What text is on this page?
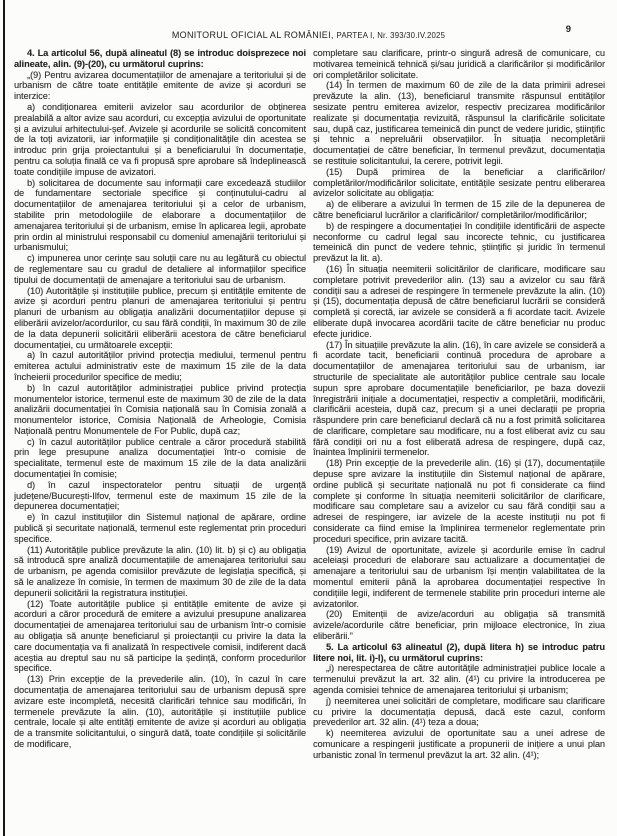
MONITORUL OFICIAL AL ROMÂNIEI, PARTEA I, Nr. 393/30.IV.2025
9

4. La articolul 56, după alineatul (8) se introduc doisprezece noi alineate, alin. (9)-(20), cu următorul cuprins:

„(9) Pentru avizarea documentațiilor de amenajare a teritoriului și de urbanism de către toate entitățile emitente de avize și acorduri se interzice:

a) condiționarea emiterii avizelor sau acordurilor de obținerea prealabilă a altor avize sau acorduri, cu excepția avizului de oportunitate și a avizului arhitectului-șef. Avizele și acordurile se solicită concomitent de la toți avizatorii, iar informațiile și condiționalitățile din acestea se introduc prin grija proiectantului și a beneficiarului în documentație, pentru ca soluția finală ce va fi propusă spre aprobare să îndeplinească toate condițiile impuse de avizatori.

b) solicitarea de documente sau informații care excedează studiilor de fundamentare sectoriale specifice și conținutului-cadru al documentațiilor de amenajarea teritoriului și a celor de urbanism, stabilite prin metodologiile de elaborare a documentațiilor de amenajarea teritoriului și de urbanism, emise în aplicarea legii, aprobate prin ordin al ministrului responsabil cu domeniul amenajării teritoriului și urbanismului;

c) impunerea unor cerințe sau soluții care nu au legătură cu obiectul de reglementare sau cu gradul de detaliere al informațiilor specifice tipului de documentații de amenajare a teritoriului sau de urbanism.

(10) Autoritățile și instituțiile publice, precum și entitățile emitente de avize și acorduri pentru planuri de amenajarea teritoriului și pentru planuri de urbanism au obligația analizării documentațiilor depuse și eliberării avizelor/acordurilor, cu sau fără condiții, în maximum 30 de zile de la data depunerii solicitării eliberării acestora de către beneficiarul documentației, cu următoarele excepții:

a) în cazul autorităților privind protecția mediului, termenul pentru emiterea actului administrativ este de maximum 15 zile de la data încheierii procedurilor specifice de mediu;

b) în cazul autorităților administrației publice privind protecția monumentelor istorice, termenul este de maximum 30 de zile de la data analizării documentației în Comisia națională sau în Comisia zonală a monumentelor istorice, Comisia Națională de Arheologie, Comisia Națională pentru Monumentele de For Public, după caz;

c) în cazul autorităților publice centrale a căror procedură stabilită prin lege presupune analiza documentației într-o comisie de specialitate, termenul este de maximum 15 zile de la data analizării documentației în comisie;

d) în cazul inspectoratelor pentru situații de urgență județene/București-Ilfov, termenul este de maximum 15 zile de la depunerea documentației;

e) în cazul instituțiilor din Sistemul național de apărare, ordine publică și securitate națională, termenul este reglementat prin proceduri specifice.

(11) Autoritățile publice prevăzute la alin. (10) lit. b) și c) au obligația să introducă spre analiză documentațiile de amenajarea teritoriului sau de urbanism, pe agenda comisiilor prevăzute de legislația specifică, și să le analizeze în comisie, în termen de maximum 30 de zile de la data depunerii solicitării la registratura instituției.

(12) Toate autoritățile publice și entitățile emitente de avize și acorduri a căror procedură de emitere a avizului presupune analizarea documentației de amenajarea teritoriului sau de urbanism într-o comisie au obligația să anunțe beneficiarul și proiectanții cu privire la data la care documentația va fi analizată în respectivele comisii, indiferent dacă aceștia au dreptul sau nu să participe la ședință, conform procedurilor specifice.

(13) Prin excepție de la prevederile alin. (10), în cazul în care documentația de amenajarea teritoriului sau de urbanism depusă spre avizare este incompletă, necesită clarificări tehnice sau modificări, în termenele prevăzute la alin. (10), autoritățile și instituțiile publice centrale, locale și alte entități emitente de avize și acorduri au obligația de a transmite solicitantului, o singură dată, toate condițiile și solicitările de modificare,

completare sau clarificare, printr-o singură adresă de comunicare, cu motivarea temeinică tehnică și/sau juridică a clarificărilor și modificărilor ori completărilor solicitate.

(14) În termen de maximum 60 de zile de la data primirii adresei prevăzute la alin. (13), beneficiarul transmite răspunsul entităților sesizate pentru emiterea avizelor, respectiv precizarea modificărilor realizate și documentația revizuită, răspunsul la clarificările solicitate sau, după caz, justificarea temeinică din punct de vedere juridic, științific și tehnic a nepreluării observațiilor. În situația necompletării documentației de către beneficiar, în termenul prevăzut, documentația se restituie solicitantului, la cerere, potrivit legii.

(15) După primirea de la beneficiar a clarificărilor/ completărilor/modificărilor solicitate, entitățile sesizate pentru eliberarea avizelor solicitate au obligația:

a) de eliberare a avizului în termen de 15 zile de la depunerea de către beneficiarul lucrărilor a clarificărilor/ completărilor/modificărilor;

b) de respingere a documentației în condițiile identificării de aspecte neconforme cu cadrul legal sau incorecte tehnic, cu justificarea temeinică din punct de vedere tehnic, științific și juridic în termenul prevăzut la lit. a).

(16) În situația neemiterii solicitărilor de clarificare, modificare sau completare potrivit prevederilor alin. (13) sau a avizelor cu sau fără condiții sau a adresei de respingere în termenele prevăzute la alin. (10) și (15), documentația depusă de către beneficiarul lucrării se consideră completă și corectă, iar avizele se consideră a fi acordate tacit. Avizele eliberate după invocarea acordării tacite de către beneficiar nu produc efecte juridice.

(17) În situațiile prevăzute la alin. (16), în care avizele se consideră a fi acordate tacit, beneficiarii continuă procedura de aprobare a documentațiilor de amenajarea teritoriului sau de urbanism, iar structurile de specialitate ale autorităților publice centrale sau locale supun spre aprobare documentațiile beneficiarilor, pe baza dovezii înregistrării inițiale a documentației, respectiv a completării, modificării, clarificării acesteia, după caz, precum și a unei declarații pe propria răspundere prin care beneficiarul declară că nu a fost primită solicitarea de clarificare, completare sau modificare, nu a fost eliberat aviz cu sau fără condiții ori nu a fost eliberată adresa de respingere, după caz, înaintea împlinirii termenelor.

(18) Prin excepție de la prevederile alin. (16) și (17), documentațiile depuse spre avizare la instituțiile din Sistemul național de apărare, ordine publică și securitate națională nu pot fi considerate ca fiind complete și conforme în situația neemiterii solicitărilor de clarificare, modificare sau completare sau a avizelor cu sau fără condiții sau a adresei de respingere, iar avizele de la aceste instituții nu pot fi considerate ca fiind emise la împlinirea termenelor reglementate prin proceduri specifice, prin avizare tacită.

(19) Avizul de oportunitate, avizele și acordurile emise în cadrul aceleiași proceduri de elaborare sau actualizare a documentației de amenajare a teritoriului sau de urbanism își mențin valabilitatea de la momentul emiterii până la aprobarea documentației respective în condițiile legii, indiferent de termenele stabilite prin proceduri interne ale avizatorilor.

(20) Emitenții de avize/acorduri au obligația să transmită avizele/acordurile către beneficiar, prin mijloace electronice, în ziua eliberării.”

5. La articolul 63 alineatul (2), după litera h) se introduc patru litere noi, lit. i)-l), cu următorul cuprins:

„i) nerespectarea de către autoritățile administrației publice locale a termenului prevăzut la art. 32 alin. (4¹) cu privire la introducerea pe agenda comisiei tehnice de amenajarea teritoriului și urbanism;

j) neemiterea unei solicitări de completare, modificare sau clarificare cu privire la documentația depusă, dacă este cazul, conform prevederilor art. 32 alin. (4¹) teza a doua;

k) neemiterea avizului de oportunitate sau a unei adrese de comunicare a respingerii justificate a propunerii de inițiere a unui plan urbanistic zonal în termenul prevăzut la art. 32 alin. (4¹);
